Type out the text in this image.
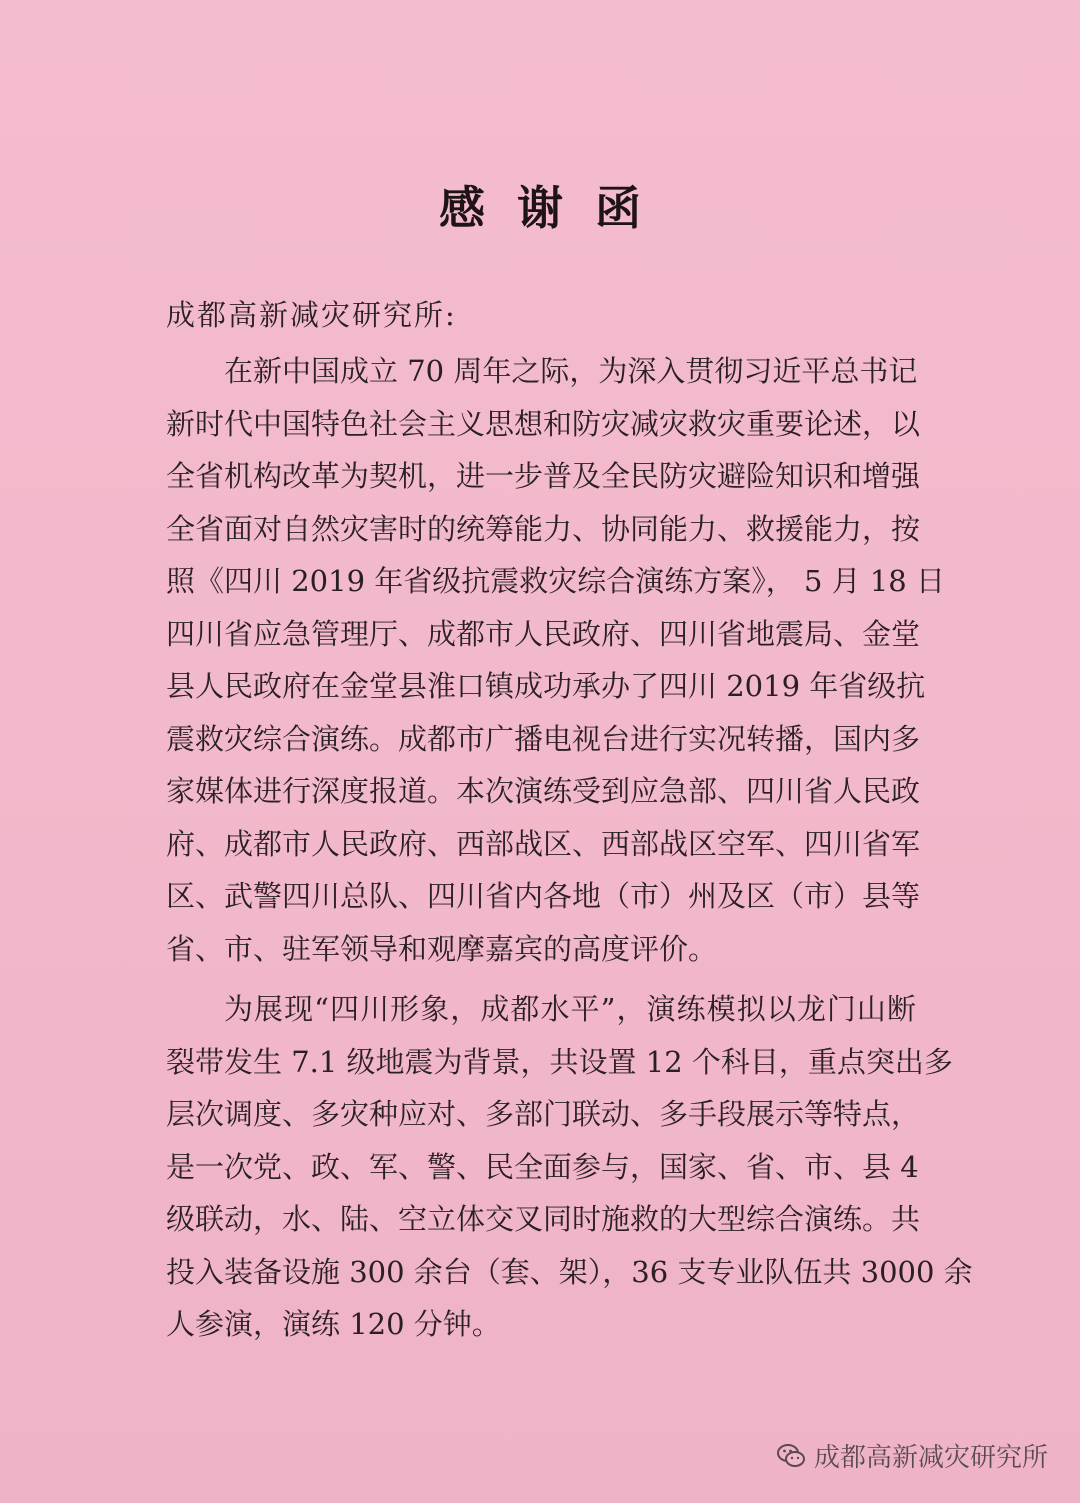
感谢函
成都高新减灾研究所:
在新中国成立 70 周年之际，为深入贯彻习近平总书记
新时代中国特色社会主义思想和防灾减灾救灾重要论述，以
全省机构改革为契机，进一步普及全民防灾避险知识和增强
全省面对自然灾害时的统筹能力、协同能力、救援能力，按
照《四川 2019 年省级抗震救灾综合演练方案》， 5 月 18 日
四川省应急管理厅、成都市人民政府、四川省地震局、金堂
县人民政府在金堂县淮口镇成功承办了四川 2019 年省级抗
震救灾综合演练。成都市广播电视台进行实况转播，国内多
家媒体进行深度报道。本次演练受到应急部、四川省人民政
府、成都市人民政府、西部战区、西部战区空军、四川省军
区、武警四川总队、四川省内各地（市）州及区（市）县等
省、市、驻军领导和观摩嘉宾的高度评价。
为展现“四川形象，成都水平”，演练模拟以龙门山断
裂带发生 7.1 级地震为背景，共设置 12 个科目，重点突出多
层次调度、多灾种应对、多部门联动、多手段展示等特点，
是一次党、政、军、警、民全面参与，国家、省、市、县 4
级联动，水、陆、空立体交叉同时施救的大型综合演练。共
投入装备设施 300 余台（套、架），36 支专业队伍共 3000 余
人参演，演练 120 分钟。
成都高新减灾研究所
